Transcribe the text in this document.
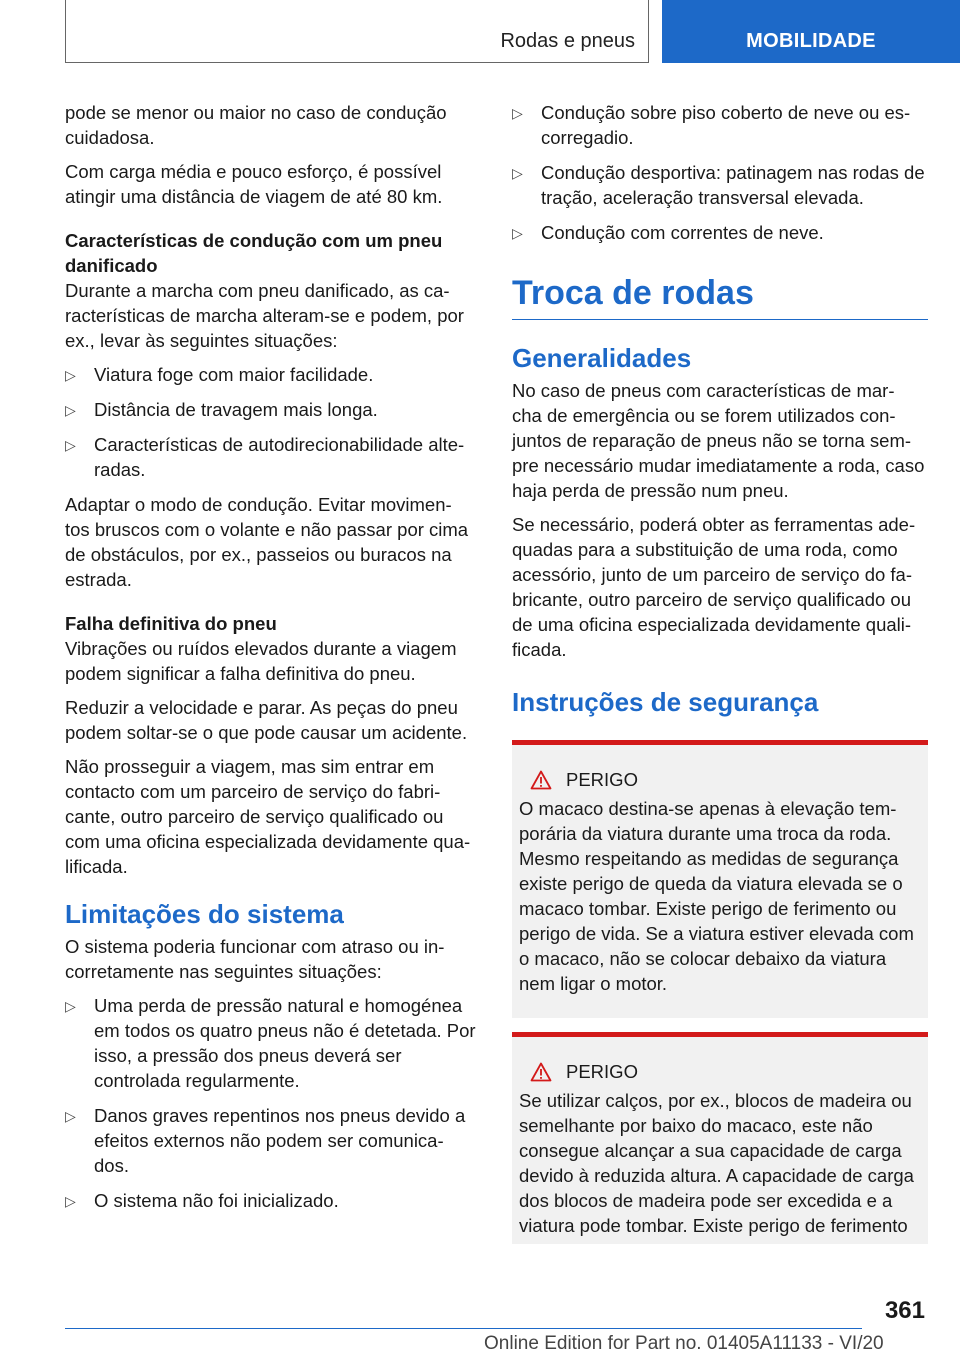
Rodas e pneus	MOBILIDADE

pode se menor ou maior no caso de condução cuidadosa.

Com carga média e pouco esforço, é possível atingir uma distância de viagem de até 80 km.

Características de condução com um pneu danificado

Durante a marcha com pneu danificado, as ca‐ racterísticas de marcha alteram-se e podem, por ex., levar às seguintes situações:

▷ Viatura foge com maior facilidade.
▷ Distância de travagem mais longa.
▷ Características de autodirecionabilidade alte‐ radas.

Adaptar o modo de condução. Evitar movimen‐ tos bruscos com o volante e não passar por cima de obstáculos, por ex., passeios ou buracos na estrada.

Falha definitiva do pneu

Vibrações ou ruídos elevados durante a viagem podem significar a falha definitiva do pneu.

Reduzir a velocidade e parar. As peças do pneu podem soltar-se o que pode causar um acidente.

Não prosseguir a viagem, mas sim entrar em contacto com um parceiro de serviço do fabri‐ cante, outro parceiro de serviço qualificado ou com uma oficina especializada devidamente qua‐ lificada.

Limitações do sistema

O sistema poderia funcionar com atraso ou in‐ corretamente nas seguintes situações:

▷ Uma perda de pressão natural e homogénea em todos os quatro pneus não é detetada. Por isso, a pressão dos pneus deverá ser controlada regularmente.
▷ Danos graves repentinos nos pneus devido a efeitos externos não podem ser comunica‐ dos.
▷ O sistema não foi inicializado.
▷ Condução sobre piso coberto de neve ou es‐ corregadio.
▷ Condução desportiva: patinagem nas rodas de tração, aceleração transversal elevada.
▷ Condução com correntes de neve.
Troca de rodas
Generalidades

No caso de pneus com características de mar‐ cha de emergência ou se forem utilizados con‐ juntos de reparação de pneus não se torna sem‐ pre necessário mudar imediatamente a roda, caso haja perda de pressão num pneu.

Se necessário, poderá obter as ferramentas ade‐ quadas para a substituição de uma roda, como acessório, junto de um parceiro de serviço do fa‐ bricante, outro parceiro de serviço qualificado ou de uma oficina especializada devidamente quali‐ ficada.

Instruções de segurança
PERIGO

O macaco destina-se apenas à elevação tem‐ porária da viatura durante uma troca da roda. Mesmo respeitando as medidas de segurança existe perigo de queda da viatura elevada se o macaco tombar. Existe perigo de ferimento ou perigo de vida. Se a viatura estiver elevada com o macaco, não se colocar debaixo da viatura nem ligar o motor.

PERIGO

Se utilizar calços, por ex., blocos de madeira ou semelhante por baixo do macaco, este não consegue alcançar a sua capacidade de carga devido à reduzida altura. A capacidade de carga dos blocos de madeira pode ser excedida e a viatura pode tombar. Existe perigo de ferimento

361
Online Edition for Part no. 01405A11133 - VI/20
